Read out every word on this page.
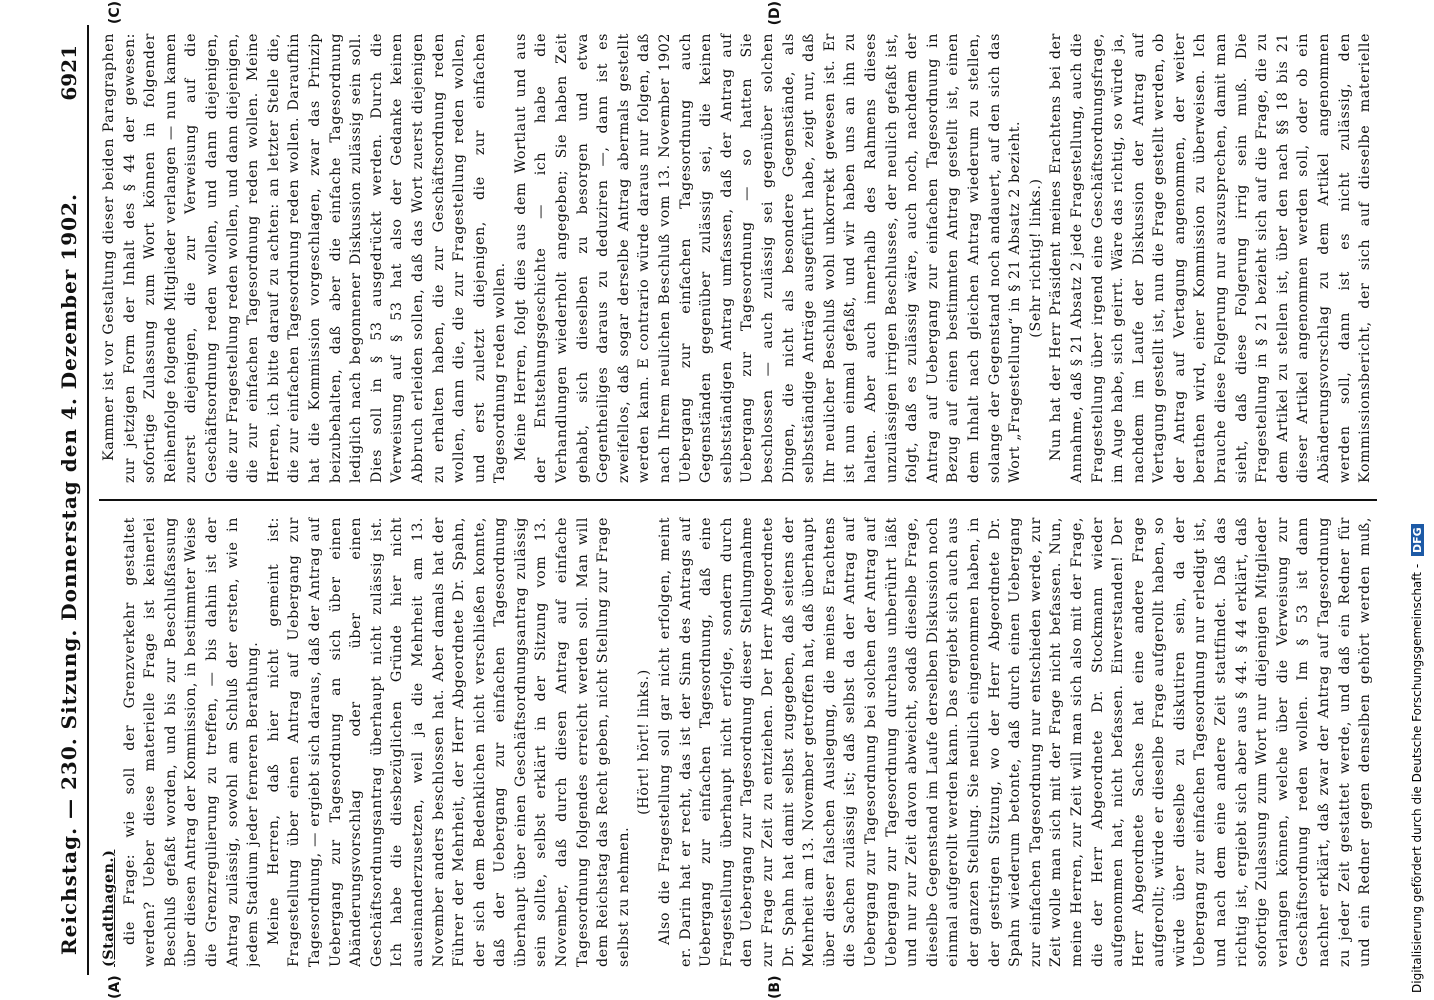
Reichstag. — 230. Sitzung. Donnerstag den 4. Dezember 1902.
6921
(A)	(B)
(C)	(D)

(Stadthagen.) die Frage: wie soll der Grenzverkehr gestaltet werden? Ueber diese materielle Frage ist keinerlei Beschluß gefaßt worden, und bis zur Beschlußfassung über diesen Antrag der Kommission, in bestimmter Weise die Grenzregulierung zu treffen, — bis dahin ist der Antrag zulässig, sowohl am Schluß der ersten, wie in jedem Stadium jeder ferneren Berathung. Meine Herren, daß hier nicht gemeint ist: Fragestellung über einen Antrag auf Uebergang zur Tagesordnung, — ergiebt sich daraus, daß der Antrag auf Uebergang zur Tagesordnung an sich über einen Abänderungsvorschlag oder über einen Geschäftsordnungsantrag überhaupt nicht zulässig ist. Ich habe die diesbezüglichen Gründe hier nicht auseinanderzusetzen, weil ja die Mehrheit am 13. November anders beschlossen hat. Aber damals hat der Führer der Mehrheit, der Herr Abgeordnete Dr. Spahn, der sich dem Bedenklichen nicht verschließen konnte, daß der Uebergang zur einfachen Tagesordnung überhaupt über einen Geschäftsordnungsantrag zulässig sein sollte, selbst erklärt in der Sitzung vom 13. November, daß durch diesen Antrag auf einfache Tagesordnung folgendes erreicht werden soll. Man will dem Reichstag das Recht geben, nicht Stellung zur Frage selbst zu nehmen.

(Hört! hört! links.)

Also die Fragestellung soll gar nicht erfolgen, meint er. Darin hat er recht, das ist der Sinn des Antrags auf Uebergang zur einfachen Tagesordnung, daß eine Fragestellung überhaupt nicht erfolge, sondern durch den Uebergang zur Tagesordnung dieser Stellungnahme zur Frage zur Zeit zu entziehen. Der Herr Abgeordnete Dr. Spahn hat damit selbst zugegeben, daß seitens der Mehrheit am 13. November getroffen hat, daß überhaupt über dieser falschen Auslegung, die meines Erachtens die Sachen zulässig ist; daß selbst da der Antrag auf Uebergang zur Tagesordnung bei solchen der Antrag auf Uebergang zur Tagesordnung durchaus unberührt läßt und nur zur Zeit davon abweicht, sodaß dieselbe Frage, dieselbe Gegenstand im Laufe derselben Diskussion noch einmal aufgerollt werden kann. Das ergiebt sich auch aus der ganzen Stellung. Sie neulich eingenommen haben, in der gestrigen Sitzung, wo der Herr Abgeordnete Dr. Spahn wiederum betonte, daß durch einen Uebergang zur einfachen Tagesordnung nur entschieden werde, zur Zeit wolle man sich mit der Frage nicht befassen. Nun, meine Herren, zur Zeit will man sich also mit der Frage, die der Herr Abgeordnete Dr. Stockmann wieder aufgenommen hat, nicht befassen. Einverstanden! Der Herr Abgeordnete Sachse hat eine andere Frage aufgerollt; würde er dieselbe Frage aufgerollt haben, so würde über dieselbe zu diskutiren sein, da der Uebergang zur einfachen Tagesordnung nur erledigt ist, und nach dem eine andere Zeit stattfindet. Daß das richtig ist, ergiebt sich aber aus § 44. § 44 erklärt, daß sofortige Zulassung zum Wort nur diejenigen Mitglieder verlangen können, welche über die Verweisung zur Geschäftsordnung reden wollen. Im § 53 ist dann nachher erklärt, daß zwar der Antrag auf Tagesordnung zu jeder Zeit gestattet werde, und daß ein Redner für und ein Redner gegen denselben gehört werden muß,

Kammer ist vor Gestaltung dieser beiden Paragraphen zur jetzigen Form der Inhalt des § 44 der gewesen: sofortige Zulassung zum Wort können in folgender Reihenfolge folgende Mitglieder verlangen — nun kamen zuerst diejenigen, die zur Verweisung auf die Geschäftsordnung reden wollen, und dann diejenigen, die zur Fragestellung reden wollen, und dann diejenigen, die zur einfachen Tagesordnung reden wollen. Meine Herren, ich bitte darauf zu achten: an letzter Stelle die, die zur einfachen Tagesordnung reden wollen. Daraufhin hat die Kommission vorgeschlagen, zwar das Prinzip beizubehalten, daß aber die einfache Tagesordnung lediglich nach begonnener Diskussion zulässig sein soll. Dies soll in § 53 ausgedrückt werden. Durch die Verweisung auf § 53 hat also der Gedanke keinen Abbruch erleiden sollen, daß das Wort zuerst diejenigen zu erhalten haben, die zur Geschäftsordnung reden wollen, dann die, die zur Fragestellung reden wollen, und erst zuletzt diejenigen, die zur einfachen Tagesordnung reden wollen. Meine Herren, folgt dies aus dem Wortlaut und aus der Entstehungsgeschichte — ich habe die Verhandlungen wiederholt angegeben; Sie haben Zeit gehabt, sich dieselben zu besorgen und etwa Gegentheiliges daraus zu deduziren —, dann ist es zweifellos, daß sogar derselbe Antrag abermals gestellt werden kann. E contrario würde daraus nur folgen, daß nach Ihrem neulichen Beschluß vom 13. November 1902 Uebergang zur einfachen Tagesordnung auch Gegenständen gegenüber zulässig sei, die keinen selbstständigen Antrag umfassen, daß der Antrag auf Uebergang zur Tagesordnung — so hatten Sie beschlossen — auch zulässig sei gegenüber solchen Dingen, die nicht als besondere Gegenstände, als selbstständige Anträge ausgeführt habe, zeigt nur, daß Ihr neulicher Beschluß wohl unkorrekt gewesen ist. Er ist nun einmal gefaßt, und wir haben uns an ihn zu halten. Aber auch innerhalb des Rahmens dieses unzulässigen irrigen Beschlusses, der neulich gefaßt ist, folgt, daß es zulässig wäre, auch noch, nachdem der Antrag auf Uebergang zur einfachen Tagesordnung in Bezug auf einen bestimmten Antrag gestellt ist, einen dem Inhalt nach gleichen Antrag wiederum zu stellen, solange der Gegenstand noch andauert, auf den sich das Wort „Fragestellung“ in § 21 Absatz 2 bezieht. (Sehr richtig! links.)

Nun hat der Herr Präsident meines Erachtens bei der Annahme, daß § 21 Absatz 2 jede Fragestellung, auch die Fragestellung über irgend eine Geschäftsordnungsfrage, im Auge habe, sich geirrt. Wäre das richtig, so würde ja, nachdem im Laufe der Diskussion der Antrag auf Vertagung gestellt ist, nun die Frage gestellt werden, ob der Antrag auf Vertagung angenommen, der weiter berathen wird, einer Kommission zu überweisen. Ich brauche diese Folgerung nur auszusprechen, damit man sieht, daß diese Folgerung irrig sein muß. Die Fragestellung in § 21 bezieht sich auf die Frage, die zu dem Artikel zu stellen ist, über den nach §§ 18 bis 21 dieser Artikel angenommen werden soll, oder ob ein Abänderungsvorschlag zu dem Artikel angenommen werden soll, dann ist es nicht zulässig, den Kommissionsbericht, der sich auf dieselbe materielle

Digitalisierung gefördert durch die Deutsche Forschungsgemeinschaft - DFG
